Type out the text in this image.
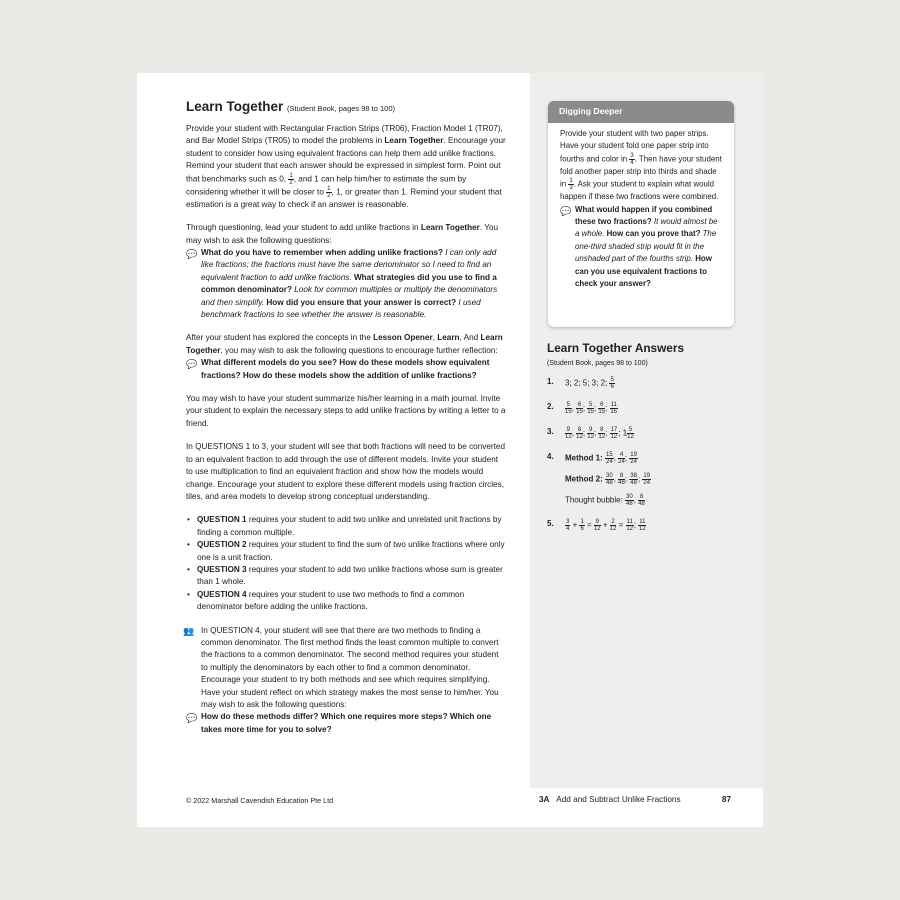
Learn Together (Student Book, pages 98 to 100)

Provide your student with Rectangular Fraction Strips (TR06), Fraction Model 1 (TR07), and Bar Model Strips (TR05) to model the problems in Learn Together. Encourage your student to consider how using equivalent fractions can help them add unlike fractions. Remind your student that each answer should be expressed in simplest form. Point out that benchmarks such as 0, $\frac{1}{2}$ , and 1 can help him/her to estimate the sum by considering whether it will be closer to $\frac{1}{2}$ , 1, or greater than 1. Remind your student that estimation is a great way to check if an answer is reasonable.

Through questioning, lead your student to add unlike fractions in Learn Together. You may wish to ask the following questions:

💬 What do you have to remember when adding unlike fractions? I can only add like fractions; the fractions must have the same denominator so I need to find an equivalent fraction to add unlike fractions. What strategies did you use to find a common denominator? Look for common multiples or multiply the denominators and then simplify. How did you ensure that your answer is correct? I used benchmark fractions to see whether the answer is reasonable.

After your student has explored the concepts in the Lesson Opener, Learn, And Learn Together, you may wish to ask the following questions to encourage further reflection:

💬 What different models do you see? How do these models show equivalent fractions? How do these models show the addition of unlike fractions?

You may wish to have your student summarize his/her learning in a math journal. Invite your student to explain the necessary steps to add unlike fractions by writing a letter to a friend.

In QUESTIONS 1 to 3, your student will see that both fractions will need to be converted to an equivalent fraction to add through the use of different models. Invite your student to use multiplication to find an equivalent fraction and show how the models would change. Encourage your student to explore these different models using fraction circles, tiles, and area models to develop strong conceptual understanding.

• QUESTION 1 requires your student to add two unlike and unrelated unit fractions by finding a common multiple.
• QUESTION 2 requires your student to find the sum of two unlike fractions where only one is a unit fraction.
• QUESTION 3 requires your student to add two unlike fractions whose sum is greater than 1 whole.
• QUESTION 4 requires your student to use two methods to find a common denominator before adding the unlike fractions.

👥 In QUESTION 4, your student will see that there are two methods to finding a common denominator. The first method finds the least common multiple to convert the fractions to a common denominator. The second method requires your student to multiply the denominators by each other to find a common denominator. Encourage your student to try both methods and see which requires simplifying. Have your student reflect on which strategy makes the most sense to him/her. You may wish to ask the following questions:

💬 How do these methods differ? Which one requires more steps? Which one takes more time for you to solve?

Digging Deeper

Provide your student with two paper strips. Have your student fold one paper strip into fourths and color in $\frac{3}{4}$ . Then have your student fold another paper strip into thirds and shade in $\frac{1}{3}$ . Ask your student to explain what would happen if these two fractions were combined.

💬 What would happen if you combined these two fractions? It would almost be a whole. How can you prove that? The one-third shaded strip would fit in the unshaded part of the fourths strip. How can you use equivalent fractions to check your answer?

Learn Together Answers
(Student Book, pages 98 to 100)
1.	3; 2; 5; 3; 2; $\frac{5}{6}$
2.	$\frac{5}{15}$ , $\frac{6}{15}$ ; $\frac{5}{15}$ ; $\frac{6}{15}$ ; $\frac{11}{15}$
3.	$\frac{9}{12}$ , $\frac{8}{12}$ ; $\frac{9}{12}$ ; $\frac{8}{12}$ ; $\frac{17}{12}$ ; $1 \frac{5}{12}$
4.	Method 1: $\frac{15}{24}$ , $\frac{4}{24}$ ; $\frac{19}{24}$
Method 2: $\frac{30}{48}$ , $\frac{8}{48}$ ; $\frac{38}{48}$ ; $\frac{19}{24}$
Thought bubble: $\frac{30}{48}$ , $\frac{8}{48}$
5.	$\frac{3}{4} + \frac{1}{6} = \frac{9}{12} + \frac{2}{12} = \frac{11}{12}$ ; $\frac{11}{12}$
© 2022 Marshall Cavendish Education Pte Ltd	3A Add and Subtract Unlike Fractions	87
